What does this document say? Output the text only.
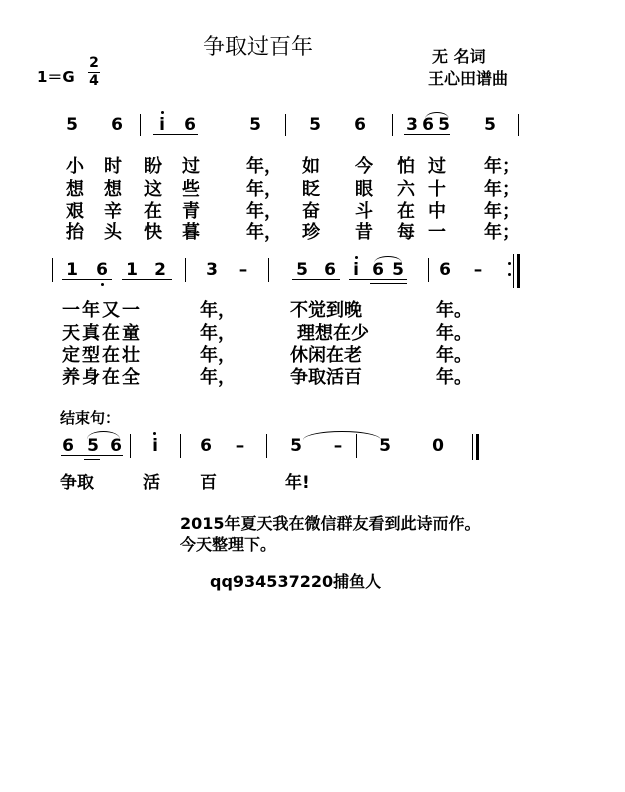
争取过百年	无 名词
王心田谱曲
1＝G
2
4
5 6 i 6	5	5 6 3 6 5 5
小 时 盼 过	年， 如 今 怕 过 年；
想 想 这 些	年， 眨 眼 六 十 年；
艰 辛 在 青	年， 奋 斗 在 中 年；
抬 头 快 暮	年， 珍 昔 每 一 年；
1 6 1 2 3 –	5 6 i 6 5 6 –
一年又一	年，	不觉到晚	年。
天真在童	年，	理想在少	年。
定型在壮	年，	休闲在老	年。
养身在全	年，	争取活百	年。
结束句：
6 5 6 i 6 –	5 – 5 0
争取	活 百	年!
2015年夏天我在微信群友看到此诗而作。
今天整理下。
qq934537220捕鱼人
